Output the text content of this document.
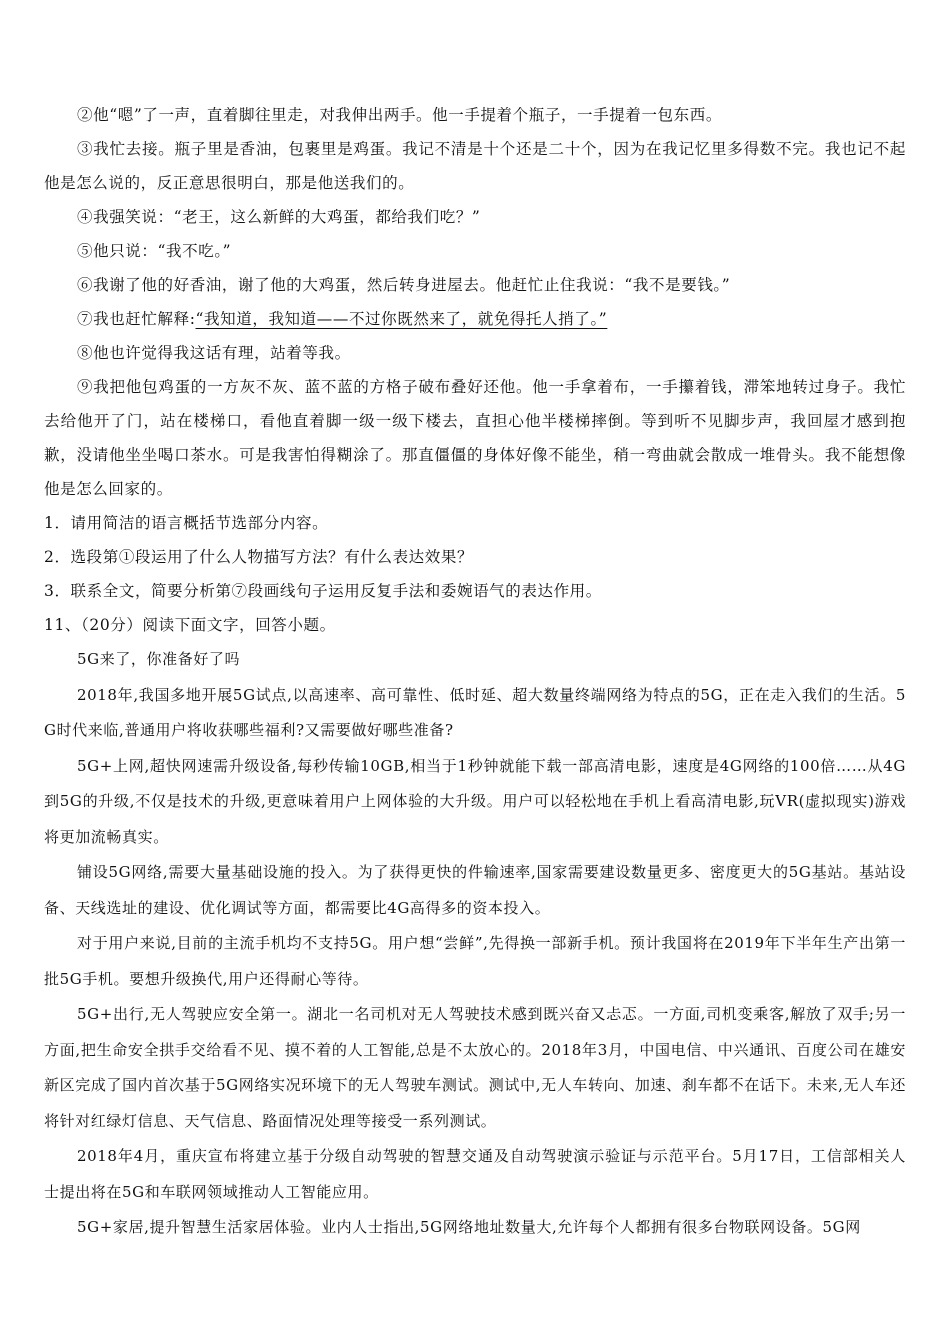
②他“嗯”了一声，直着脚往里走，对我伸出两手。他一手提着个瓶子，一手提着一包东西。

③我忙去接。瓶子里是香油，包裹里是鸡蛋。我记不清是十个还是二十个，因为在我记忆里多得数不完。我也记不起他是怎么说的，反正意思很明白，那是他送我们的。

④我强笑说：“老王，这么新鲜的大鸡蛋，都给我们吃？”

⑤他只说：“我不吃。”

⑥我谢了他的好香油，谢了他的大鸡蛋，然后转身进屋去。他赶忙止住我说：“我不是要钱。”

⑦我也赶忙解释:“我知道，我知道——不过你既然来了，就免得托人捎了。”

⑧他也许觉得我这话有理，站着等我。

⑨我把他包鸡蛋的一方灰不灰、蓝不蓝的方格子破布叠好还他。他一手拿着布，一手攥着钱，滞笨地转过身子。我忙去给他开了门，站在楼梯口，看他直着脚一级一级下楼去，直担心他半楼梯摔倒。等到听不见脚步声，我回屋才感到抱歉，没请他坐坐喝口茶水。可是我害怕得糊涂了。那直僵僵的身体好像不能坐，稍一弯曲就会散成一堆骨头。我不能想像他是怎么回家的。

1．请用简洁的语言概括节选部分内容。

2．选段第①段运用了什么人物描写方法？有什么表达效果？

3．联系全文，简要分析第⑦段画线句子运用反复手法和委婉语气的表达作用。

11、（20分）阅读下面文字，回答小题。

5G来了，你准备好了吗

2018年,我国多地开展5G试点,以高速率、高可靠性、低时延、超大数量终端网络为特点的5G，正在走入我们的生活。5G时代来临,普通用户将收获哪些福利?又需要做好哪些准备?

5G+上网,超快网速需升级设备,每秒传输10GB,相当于1秒钟就能下载一部高清电影，速度是4G网络的100倍……从4G到5G的升级,不仅是技术的升级,更意味着用户上网体验的大升级。用户可以轻松地在手机上看高清电影,玩VR(虚拟现实)游戏将更加流畅真实。

铺设5G网络,需要大量基础设施的投入。为了获得更快的件输速率,国家需要建设数量更多、密度更大的5G基站。基站设备、天线选址的建设、优化调试等方面，都需要比4G高得多的资本投入。

对于用户来说,目前的主流手机均不支持5G。用户想“尝鲜”,先得换一部新手机。预计我国将在2019年下半年生产出第一批5G手机。要想升级换代,用户还得耐心等待。

5G+出行,无人驾驶应安全第一。湖北一名司机对无人驾驶技术感到既兴奋又忐忑。一方面,司机变乘客,解放了双手;另一方面,把生命安全拱手交给看不见、摸不着的人工智能,总是不太放心的。2018年3月，中国电信、中兴通讯、百度公司在雄安新区完成了国内首次基于5G网络实况环境下的无人驾驶车测试。测试中,无人车转向、加速、刹车都不在话下。未来,无人车还将针对红绿灯信息、天气信息、路面情况处理等接受一系列测试。

2018年4月，重庆宣布将建立基于分级自动驾驶的智慧交通及自动驾驶演示验证与示范平台。5月17日，工信部相关人士提出将在5G和车联网领域推动人工智能应用。

5G+家居,提升智慧生活家居体验。业内人士指出,5G网络地址数量大,允许每个人都拥有很多台物联网设备。5G网
